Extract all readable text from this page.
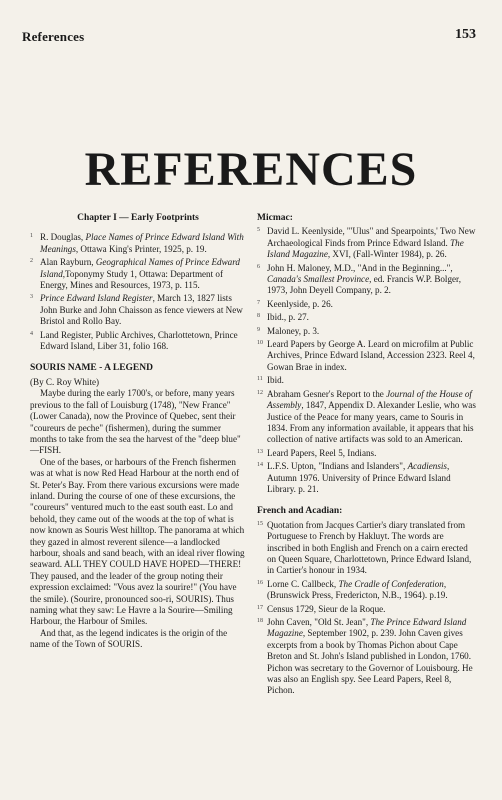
References	153
REFERENCES
Chapter I — Early Footprints
1 R. Douglas, Place Names of Prince Edward Island With Meanings, Ottawa King's Printer, 1925, p. 19.
2 Alan Rayburn, Geographical Names of Prince Edward Island,Toponymy Study 1, Ottawa: Department of Energy, Mines and Resources, 1973, p. 115.
3 Prince Edward Island Register, March 13, 1827 lists John Burke and John Chaisson as fence viewers at New Bristol and Rollo Bay.
4 Land Register, Public Archives, Charlottetown, Prince Edward Island, Liber 31, folio 168.
SOURIS NAME - A LEGEND
(By C. Roy White)

Maybe during the early 1700's, or before, many years previous to the fall of Louisburg (1748), "New France" (Lower Canada), now the Province of Quebec, sent their "coureurs de peche" (fishermen), during the summer months to take from the sea the harvest of the "deep blue" —FISH.

One of the bases, or harbours of the French fishermen was at what is now Red Head Harbour at the north end of St. Peter's Bay. From there various excursions were made inland. During the course of one of these excursions, the "coureurs" ventured much to the east south east. Lo and behold, they came out of the woods at the top of what is now known as Souris West hilltop. The panorama at which they gazed in almost reverent silence—a landlocked harbour, shoals and sand beach, with an ideal river flowing seaward. ALL THEY COULD HAVE HOPED—THERE! They paused, and the leader of the group noting their expression exclaimed: "Vous avez la sourire!" (You have the smile). (Sourire, pronounced soo-ri, SOURIS). Thus naming what they saw: Le Havre a la Sourire—Smiling Harbour, the Harbour of Smiles.

And that, as the legend indicates is the origin of the name of the Town of SOURIS.

Micmac:
5 David L. Keenlyside, '"Ulus" and Spearpoints,' Two New Archaeological Finds from Prince Edward Island. The Island Magazine, XVI, (Fall-Winter 1984), p. 26.
6 John H. Maloney, M.D., "And in the Beginning...", Canada's Smallest Province, ed. Francis W.P. Bolger, 1973, John Deyell Company, p. 2.
7 Keenlyside, p. 26.
8 Ibid., p. 27.
9 Maloney, p. 3.
10 Leard Papers by George A. Leard on microfilm at Public Archives, Prince Edward Island, Accession 2323. Reel 4, Gowan Brae in index.
11 Ibid.
12 Abraham Gesner's Report to the Journal of the House of Assembly, 1847, Appendix D. Alexander Leslie, who was Justice of the Peace for many years, came to Souris in 1834. From any information available, it appears that his collection of native artifacts was sold to an American.
13 Leard Papers, Reel 5, Indians.
14 L.F.S. Upton, "Indians and Islanders", Acadiensis, Autumn 1976. University of Prince Edward Island Library. p. 21.
French and Acadian:
15 Quotation from Jacques Cartier's diary translated from Portuguese to French by Hakluyt. The words are inscribed in both English and French on a cairn erected on Queen Square, Charlottetown, Prince Edward Island, in Cartier's honour in 1934.
16 Lorne C. Callbeck, The Cradle of Confederation, (Brunswick Press, Fredericton, N.B., 1964). p.19.
17 Census 1729, Sieur de la Roque.
18 John Caven, "Old St. Jean", The Prince Edward Island Magazine, September 1902, p. 239. John Caven gives excerpts from a book by Thomas Pichon about Cape Breton and St. John's Island published in London, 1760. Pichon was secretary to the Governor of Louisbourg. He was also an English spy. See Leard Papers, Reel 8, Pichon.
